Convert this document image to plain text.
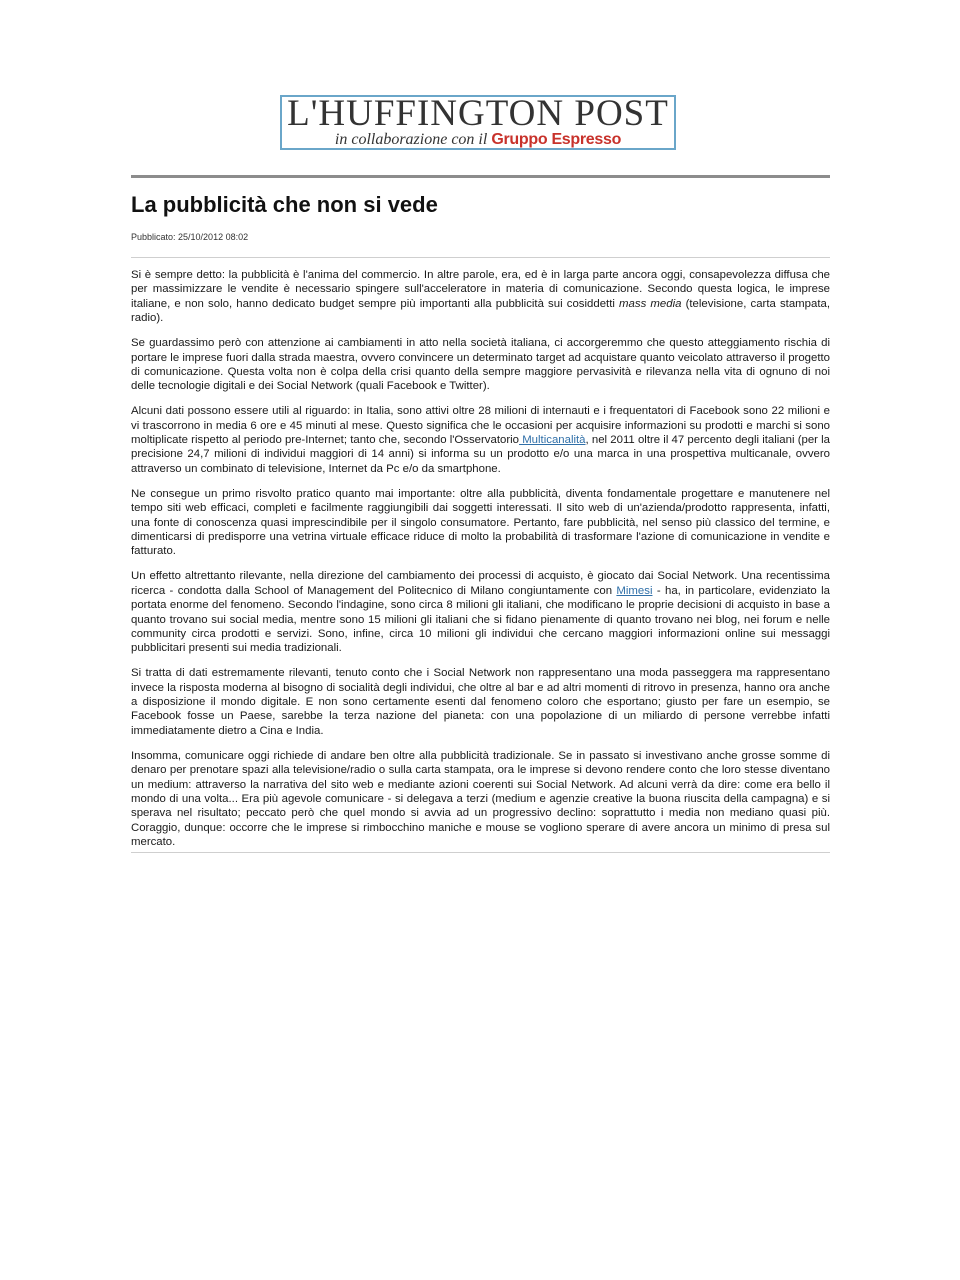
L'HUFFINGTON POST
in collaborazione con il Gruppo Espresso
La pubblicità che non si vede
Pubblicato: 25/10/2012 08:02

Si è sempre detto: la pubblicità è l'anima del commercio. In altre parole, era, ed è in larga parte ancora oggi, consapevolezza diffusa che per massimizzare le vendite è necessario spingere sull'acceleratore in materia di comunicazione. Secondo questa logica, le imprese italiane, e non solo, hanno dedicato budget sempre più importanti alla pubblicità sui cosiddetti mass media (televisione, carta stampata, radio).

Se guardassimo però con attenzione ai cambiamenti in atto nella società italiana, ci accorgeremmo che questo atteggiamento rischia di portare le imprese fuori dalla strada maestra, ovvero convincere un determinato target ad acquistare quanto veicolato attraverso il progetto di comunicazione. Questa volta non è colpa della crisi quanto della sempre maggiore pervasività e rilevanza nella vita di ognuno di noi delle tecnologie digitali e dei Social Network (quali Facebook e Twitter).

Alcuni dati possono essere utili al riguardo: in Italia, sono attivi oltre 28 milioni di internauti e i frequentatori di Facebook sono 22 milioni e vi trascorrono in media 6 ore e 45 minuti al mese. Questo significa che le occasioni per acquisire informazioni su prodotti e marchi si sono moltiplicate rispetto al periodo pre-Internet; tanto che, secondo l'Osservatorio Multicanalità, nel 2011 oltre il 47 percento degli italiani (per la precisione 24,7 milioni di individui maggiori di 14 anni) si informa su un prodotto e/o una marca in una prospettiva multicanale, ovvero attraverso un combinato di televisione, Internet da Pc e/o da smartphone.

Ne consegue un primo risvolto pratico quanto mai importante: oltre alla pubblicità, diventa fondamentale progettare e manutenere nel tempo siti web efficaci, completi e facilmente raggiungibili dai soggetti interessati. Il sito web di un'azienda/prodotto rappresenta, infatti, una fonte di conoscenza quasi imprescindibile per il singolo consumatore. Pertanto, fare pubblicità, nel senso più classico del termine, e dimenticarsi di predisporre una vetrina virtuale efficace riduce di molto la probabilità di trasformare l'azione di comunicazione in vendite e fatturato.

Un effetto altrettanto rilevante, nella direzione del cambiamento dei processi di acquisto, è giocato dai Social Network. Una recentissima ricerca - condotta dalla School of Management del Politecnico di Milano congiuntamente con Mimesi - ha, in particolare, evidenziato la portata enorme del fenomeno. Secondo l'indagine, sono circa 8 milioni gli italiani, che modificano le proprie decisioni di acquisto in base a quanto trovano sui social media, mentre sono 15 milioni gli italiani che si fidano pienamente di quanto trovano nei blog, nei forum e nelle community circa prodotti e servizi. Sono, infine, circa 10 milioni gli individui che cercano maggiori informazioni online sui messaggi pubblicitari presenti sui media tradizionali.

Si tratta di dati estremamente rilevanti, tenuto conto che i Social Network non rappresentano una moda passeggera ma rappresentano invece la risposta moderna al bisogno di socialità degli individui, che oltre al bar e ad altri momenti di ritrovo in presenza, hanno ora anche a disposizione il mondo digitale. E non sono certamente esenti dal fenomeno coloro che esportano; giusto per fare un esempio, se Facebook fosse un Paese, sarebbe la terza nazione del pianeta: con una popolazione di un miliardo di persone verrebbe infatti immediatamente dietro a Cina e India.

Insomma, comunicare oggi richiede di andare ben oltre alla pubblicità tradizionale. Se in passato si investivano anche grosse somme di denaro per prenotare spazi alla televisione/radio o sulla carta stampata, ora le imprese si devono rendere conto che loro stesse diventano un medium: attraverso la narrativa del sito web e mediante azioni coerenti sui Social Network. Ad alcuni verrà da dire: come era bello il mondo di una volta... Era più agevole comunicare - si delegava a terzi (medium e agenzie creative la buona riuscita della campagna) e si sperava nel risultato; peccato però che quel mondo si avvia ad un progressivo declino: soprattutto i media non mediano quasi più. Coraggio, dunque: occorre che le imprese si rimbocchino maniche e mouse se vogliono sperare di avere ancora un minimo di presa sul mercato.
